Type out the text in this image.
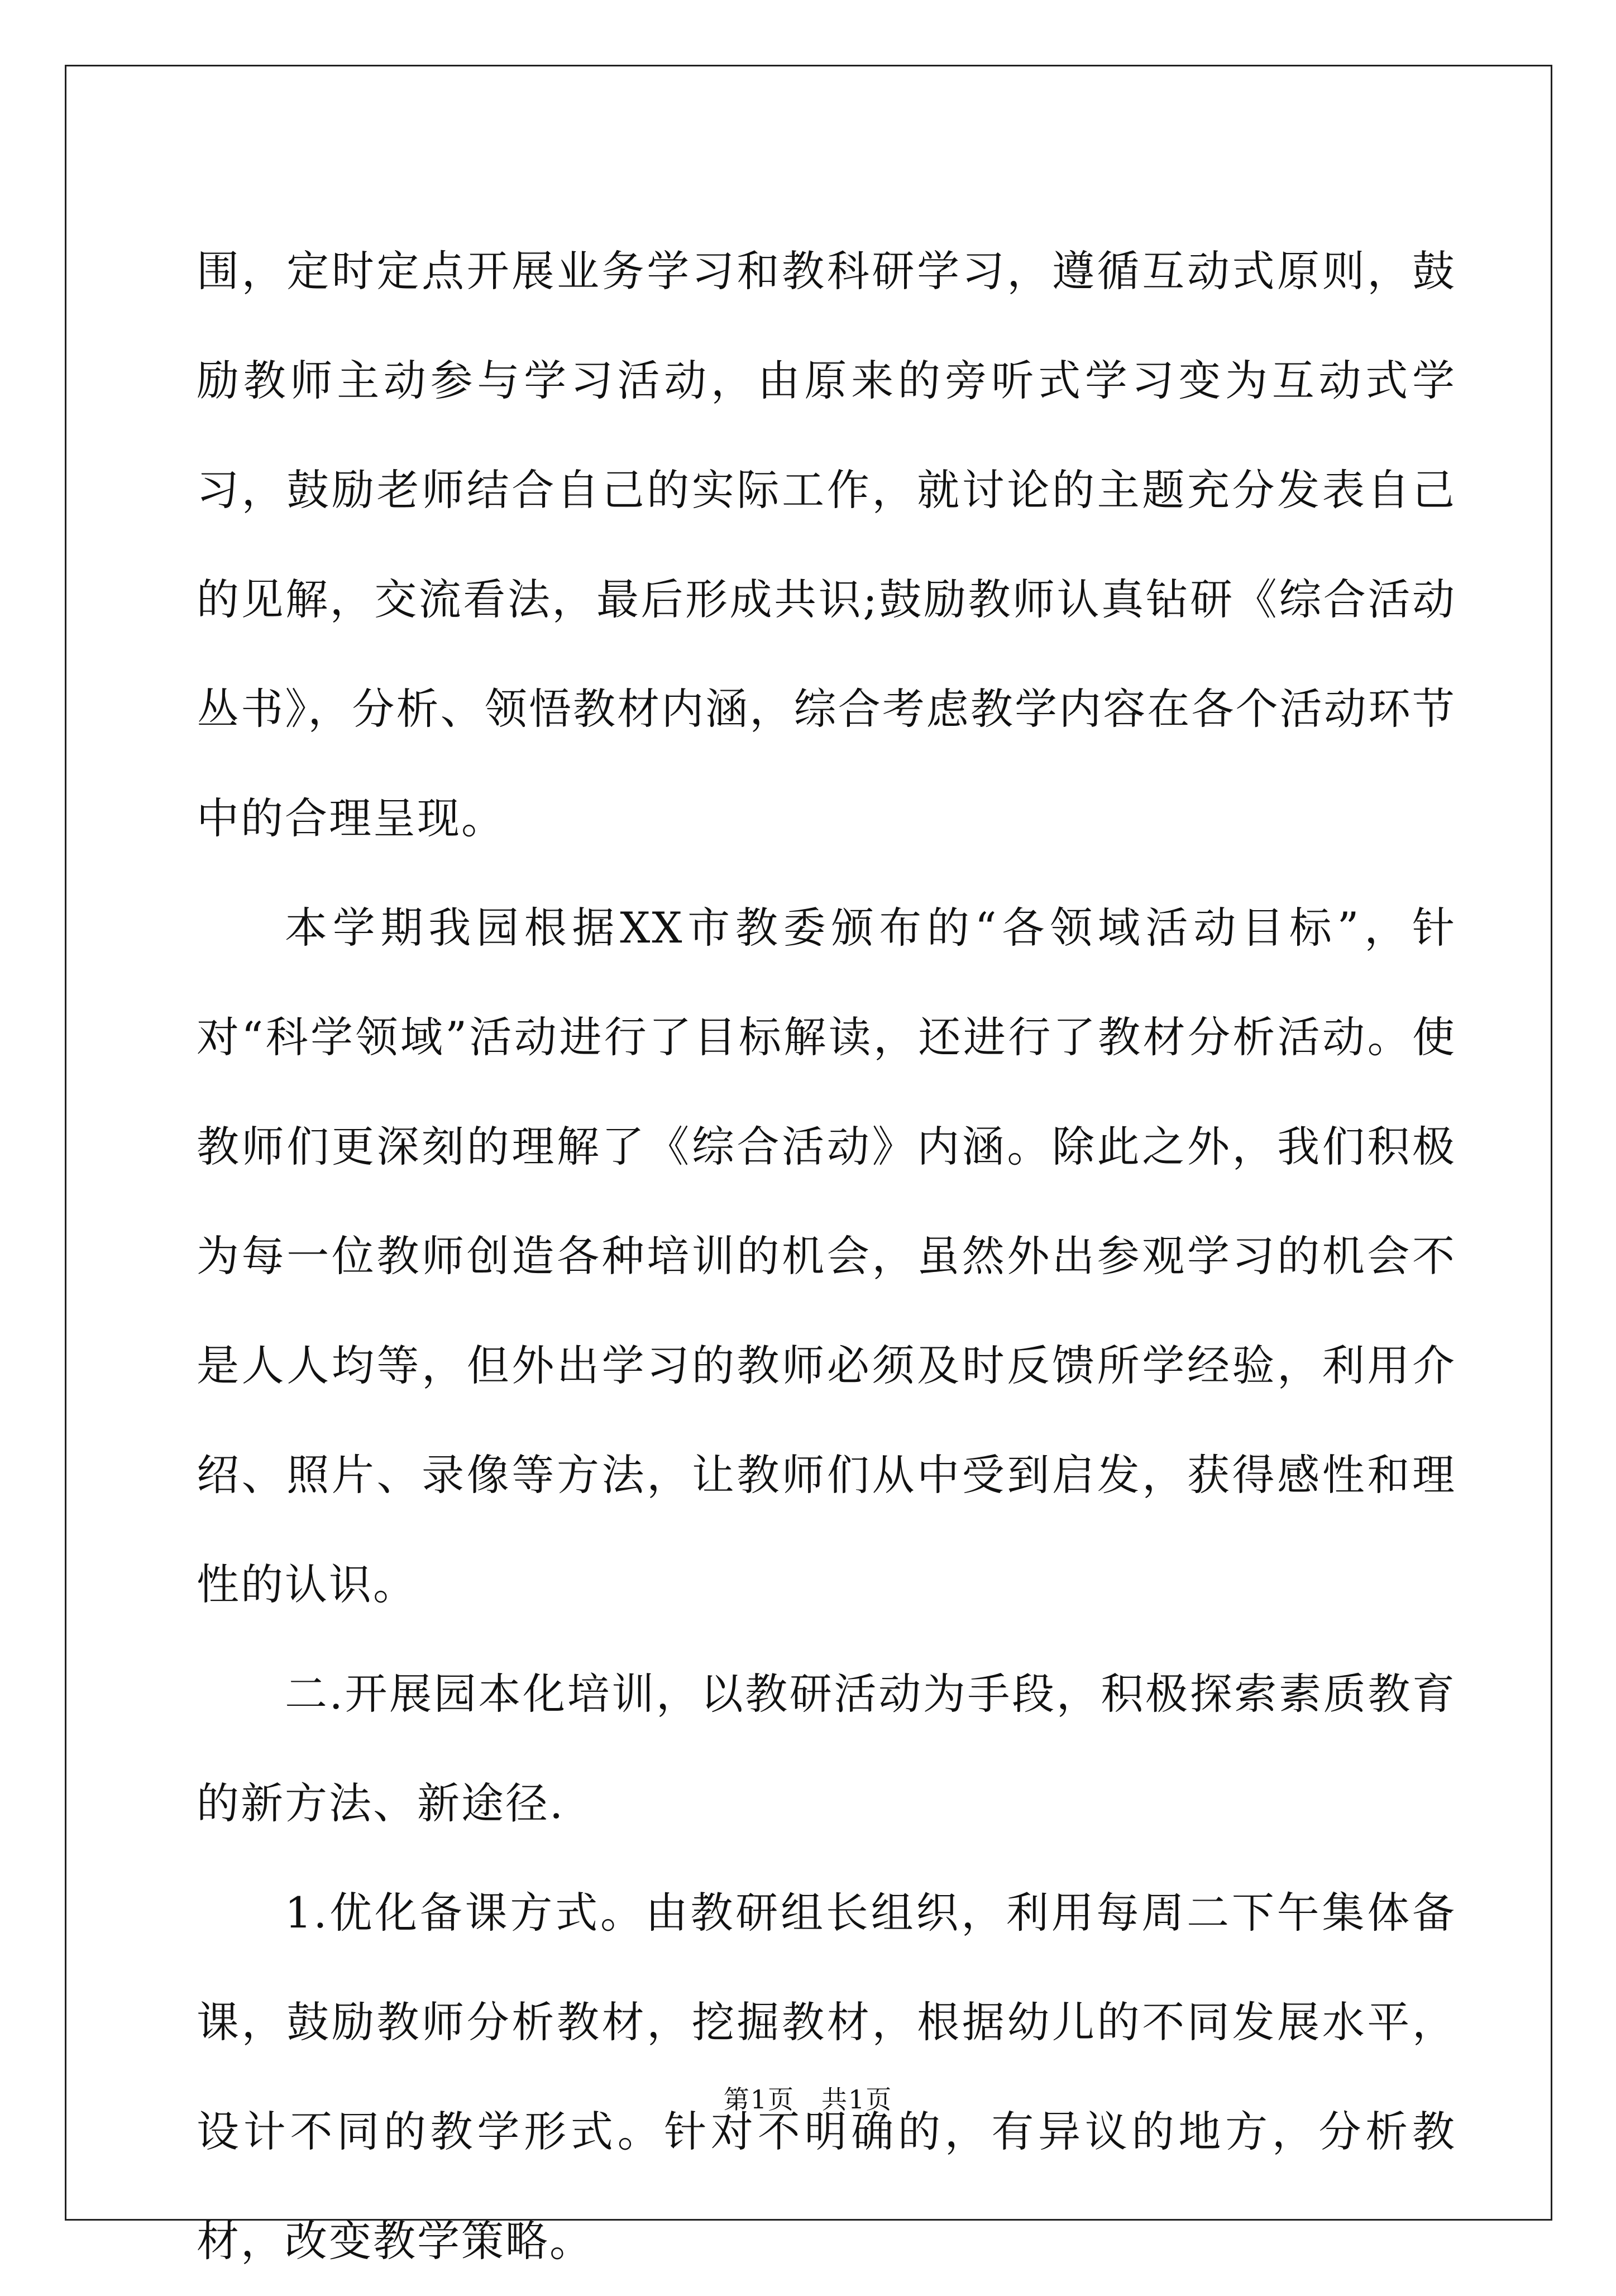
围，定时定点开展业务学习和教科研学习，遵循互动式原则，鼓励教师主动参与学习活动，由原来的旁听式学习变为互动式学习，鼓励老师结合自己的实际工作，就讨论的主题充分发表自己的见解，交流看法，最后形成共识;鼓励教师认真钻研《综合活动丛书》，分析、领悟教材内涵，综合考虑教学内容在各个活动环节中的合理呈现。

本学期我园根据XX市教委颁布的“各领域活动目标”，针对“科学领域”活动进行了目标解读，还进行了教材分析活动。使教师们更深刻的理解了《综合活动》内涵。除此之外，我们积极为每一位教师创造各种培训的机会，虽然外出参观学习的机会不是人人均等，但外出学习的教师必须及时反馈所学经验，利用介绍、照片、录像等方法，让教师们从中受到启发，获得感性和理性的认识。

二.开展园本化培训，以教研活动为手段，积极探索素质教育的新方法、新途径.

1.优化备课方式。由教研组长组织，利用每周二下午集体备课，鼓励教师分析教材，挖掘教材，根据幼儿的不同发展水平，设计不同的教学形式。针对不明确的，有异议的地方，分析教材，改变教学策略。

第1页 共1页
